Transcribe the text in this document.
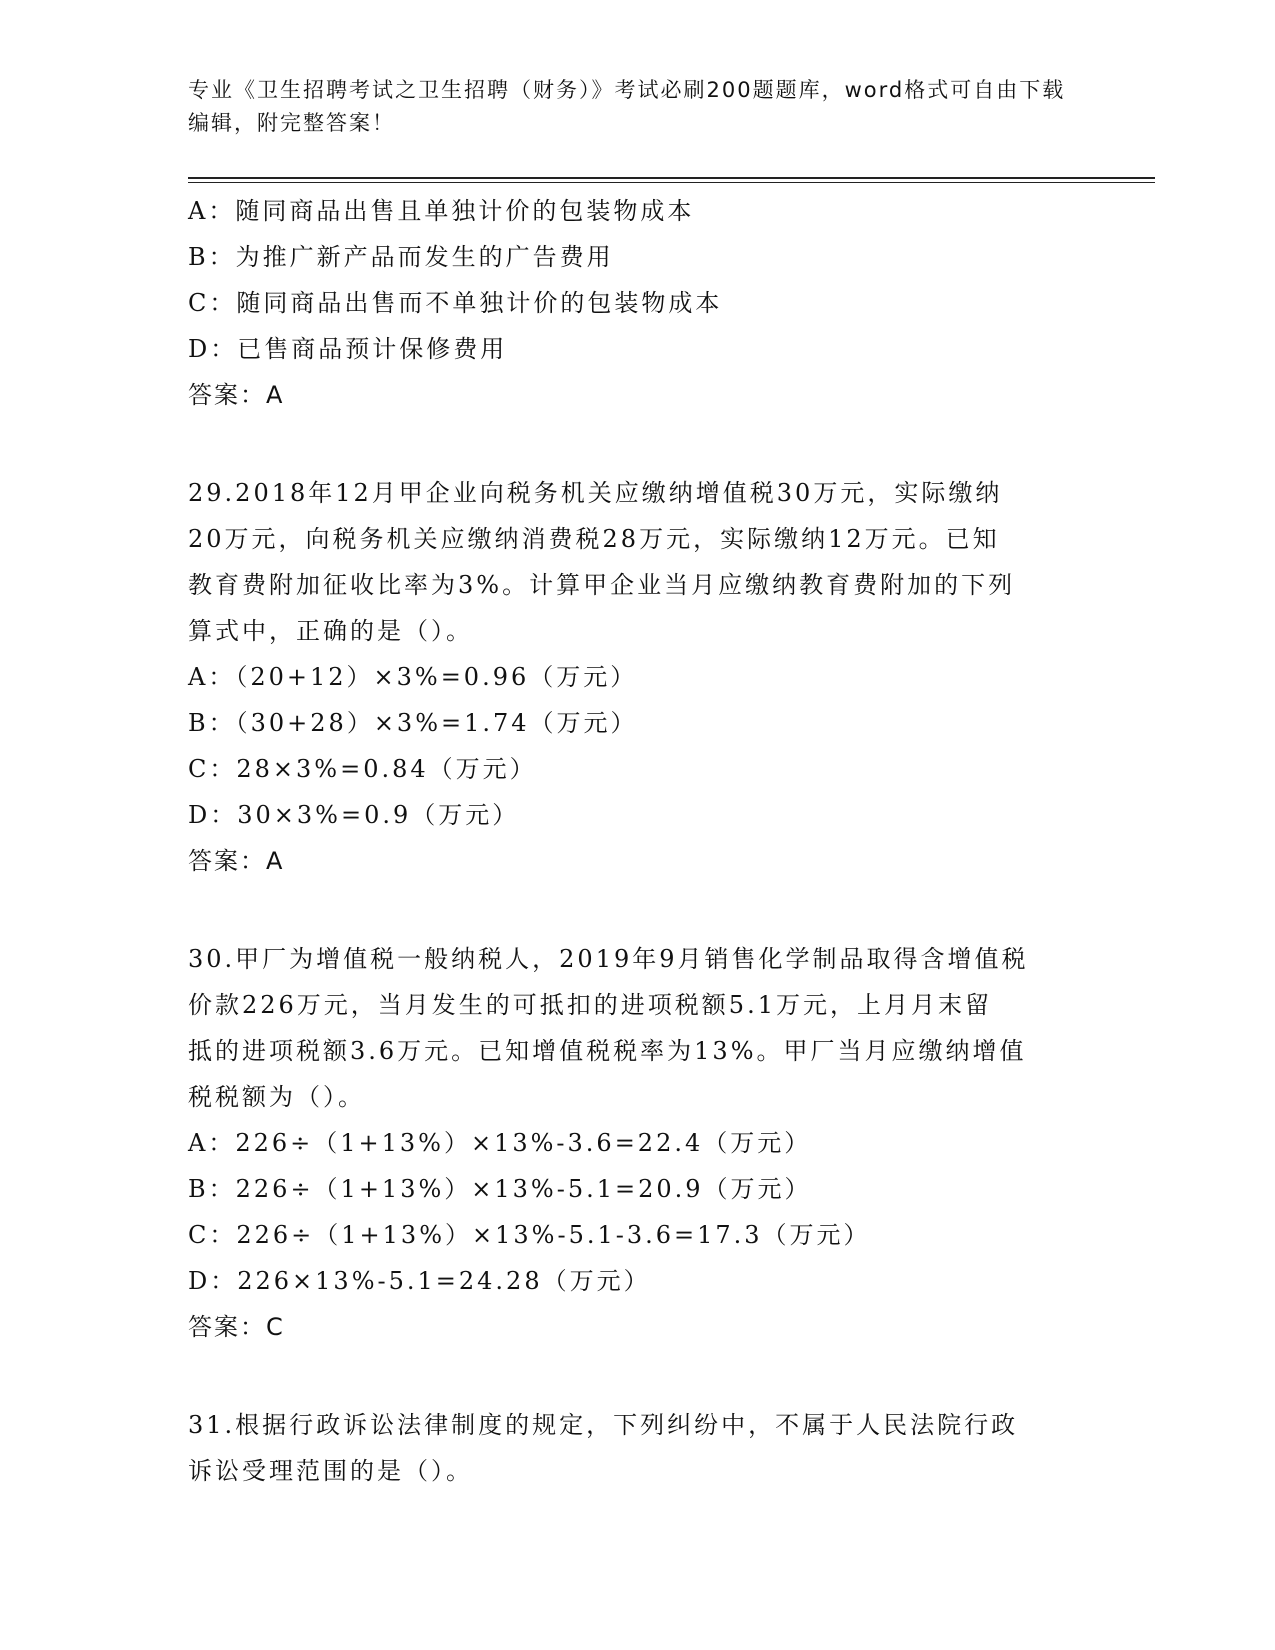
专业《卫生招聘考试之卫生招聘（财务）》考试必刷200题题库，word格式可自由下载编辑，附完整答案！
A：随同商品出售且单独计价的包装物成本
B：为推广新产品而发生的广告费用
C：随同商品出售而不单独计价的包装物成本
D：已售商品预计保修费用
答案：A
29.2018年12月甲企业向税务机关应缴纳增值税30万元，实际缴纳
20万元，向税务机关应缴纳消费税28万元，实际缴纳12万元。已知
教育费附加征收比率为3%。计算甲企业当月应缴纳教育费附加的下列
算式中，正确的是（）。
A：（20+12）×3%=0.96（万元）
B：（30+28）×3%=1.74（万元）
C：28×3%=0.84（万元）
D：30×3%=0.9（万元）
答案：A
30.甲厂为增值税一般纳税人，2019年9月销售化学制品取得含增值税
价款226万元，当月发生的可抵扣的进项税额5.1万元，上月月末留
抵的进项税额3.6万元。已知增值税税率为13%。甲厂当月应缴纳增值
税税额为（）。
A：226÷（1+13%）×13%-3.6=22.4（万元）
B：226÷（1+13%）×13%-5.1=20.9（万元）
C：226÷（1+13%）×13%-5.1-3.6=17.3（万元）
D：226×13%-5.1=24.28（万元）
答案：C
31.根据行政诉讼法律制度的规定，下列纠纷中，不属于人民法院行政
诉讼受理范围的是（）。
